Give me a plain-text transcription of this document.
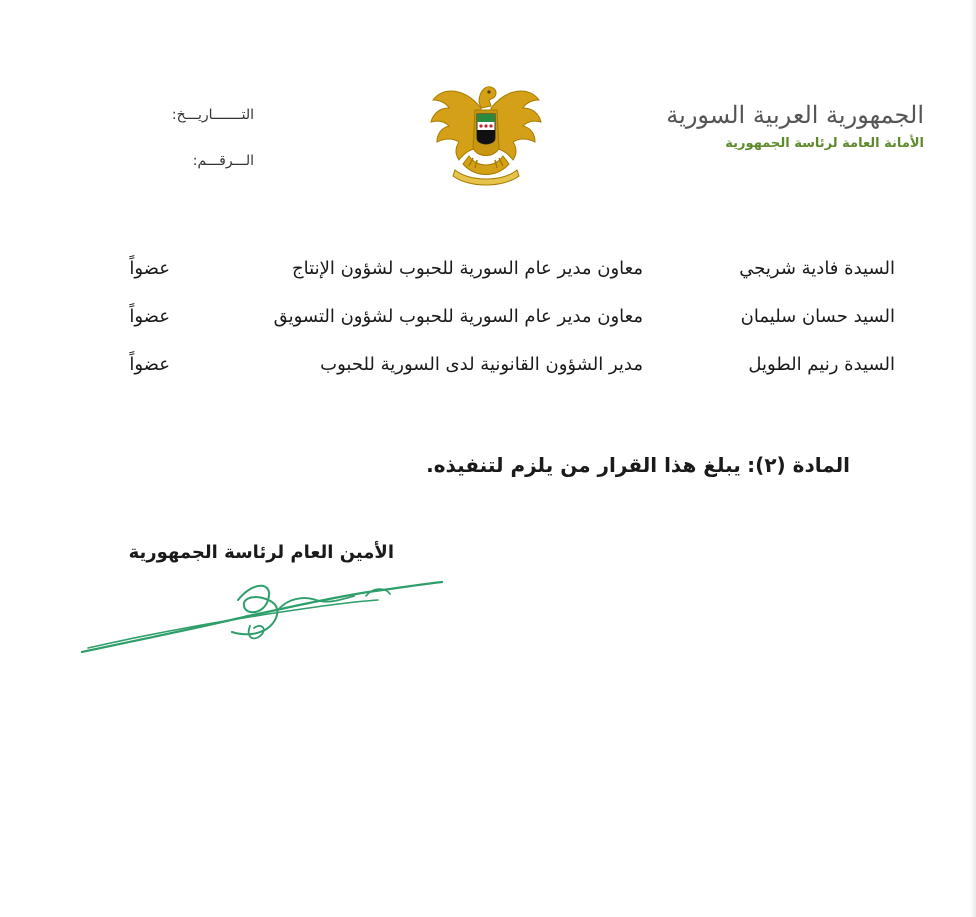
الجمهورية العربية السورية
الأمانة العامة لرئاسة الجمهورية
التـــــــاريـــخ:
الـــرقـــم:
السيدة فادية شريجي
معاون مدير عام السورية للحبوب لشؤون الإنتاج
عضواً
السيد حسان سليمان
معاون مدير عام السورية للحبوب لشؤون التسويق
عضواً
السيدة رنيم الطويل
مدير الشؤون القانونية لدى السورية للحبوب
عضواً
المادة (٢): يبلغ هذا القرار من يلزم لتنفيذه.
الأمين العام لرئاسة الجمهورية
